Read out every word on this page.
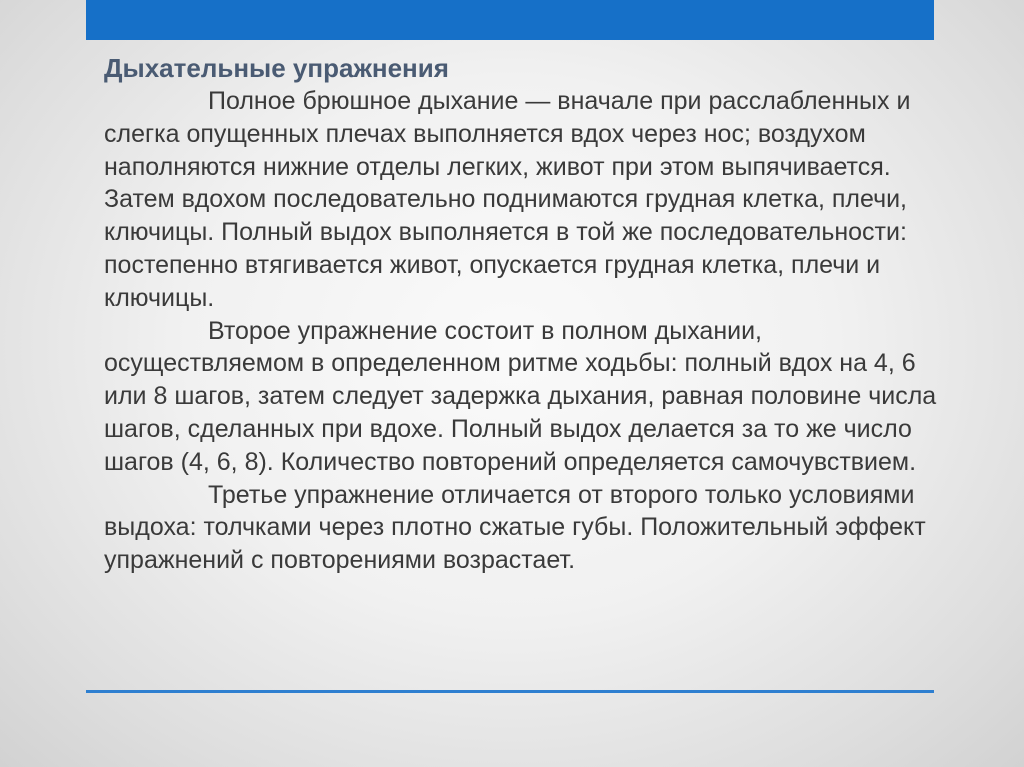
Дыхательные упражнения

Полное брюшное дыхание — вначале при расслабленных и слегка опущенных плечах выполняется вдох через нос; воздухом наполняются нижние отделы легких, живот при этом выпячивается. Затем вдохом последовательно поднимаются грудная клетка, плечи, ключицы. Полный выдох выполняется в той же последовательности: постепенно втягивается живот, опускается грудная клетка, плечи и ключицы.

Второе упражнение состоит в полном дыхании, осуществляемом в определенном ритме ходьбы: полный вдох на 4, 6 или 8 шагов, затем следует задержка дыхания, равная половине числа шагов, сделанных при вдохе. Полный выдох делается за то же число шагов (4, 6, 8). Количество повторений определяется самочувствием.

Третье упражнение отличается от второго только условиями выдоха: толчками через плотно сжатые губы. Положительный эффект упражнений с повторениями возрастает.
